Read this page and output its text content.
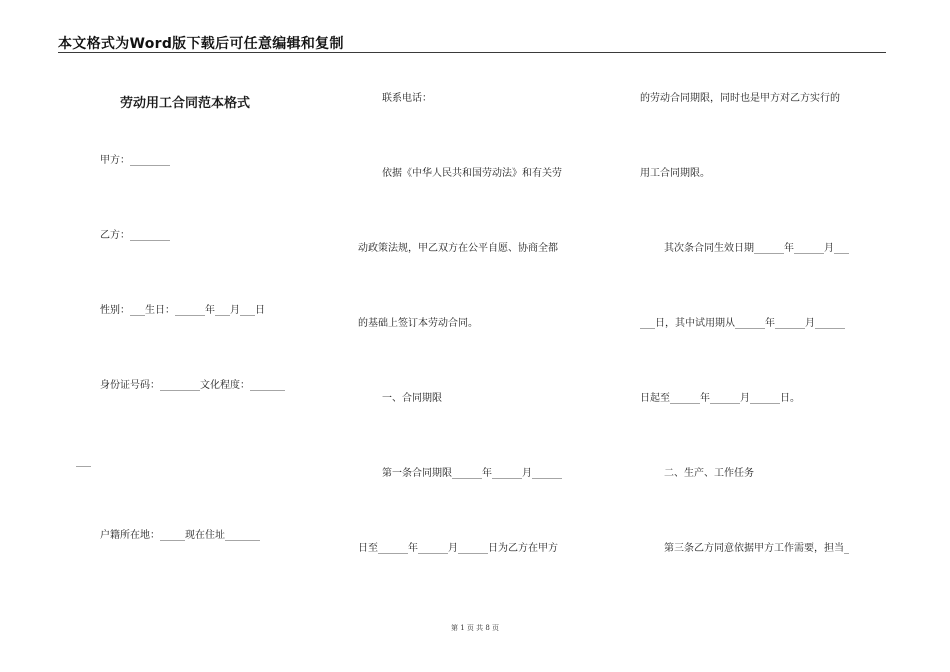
本文格式为Word版下载后可任意编辑和复制
劳动用工合同范本格式
甲方：________
乙方：________
性别：___生日：______年___月___日
身份证号码：________文化程度：_______
___
户籍所在地：_____现在住址_______
联系电话：
依据《中华人民共和国劳动法》和有关劳
动政策法规，甲乙双方在公平自愿、协商全都
的基础上签订本劳动合同。
一、合同期限
第一条合同期限______年______月______
日至______年______月______日为乙方在甲方
的劳动合同期限，同时也是甲方对乙方实行的
用工合同期限。
其次条合同生效日期______年______月___
___日，其中试用期从______年______月______
日起至______年______月______日。
二、生产、工作任务
第三条乙方同意依据甲方工作需要，担当_
第 1 页 共 8 页
